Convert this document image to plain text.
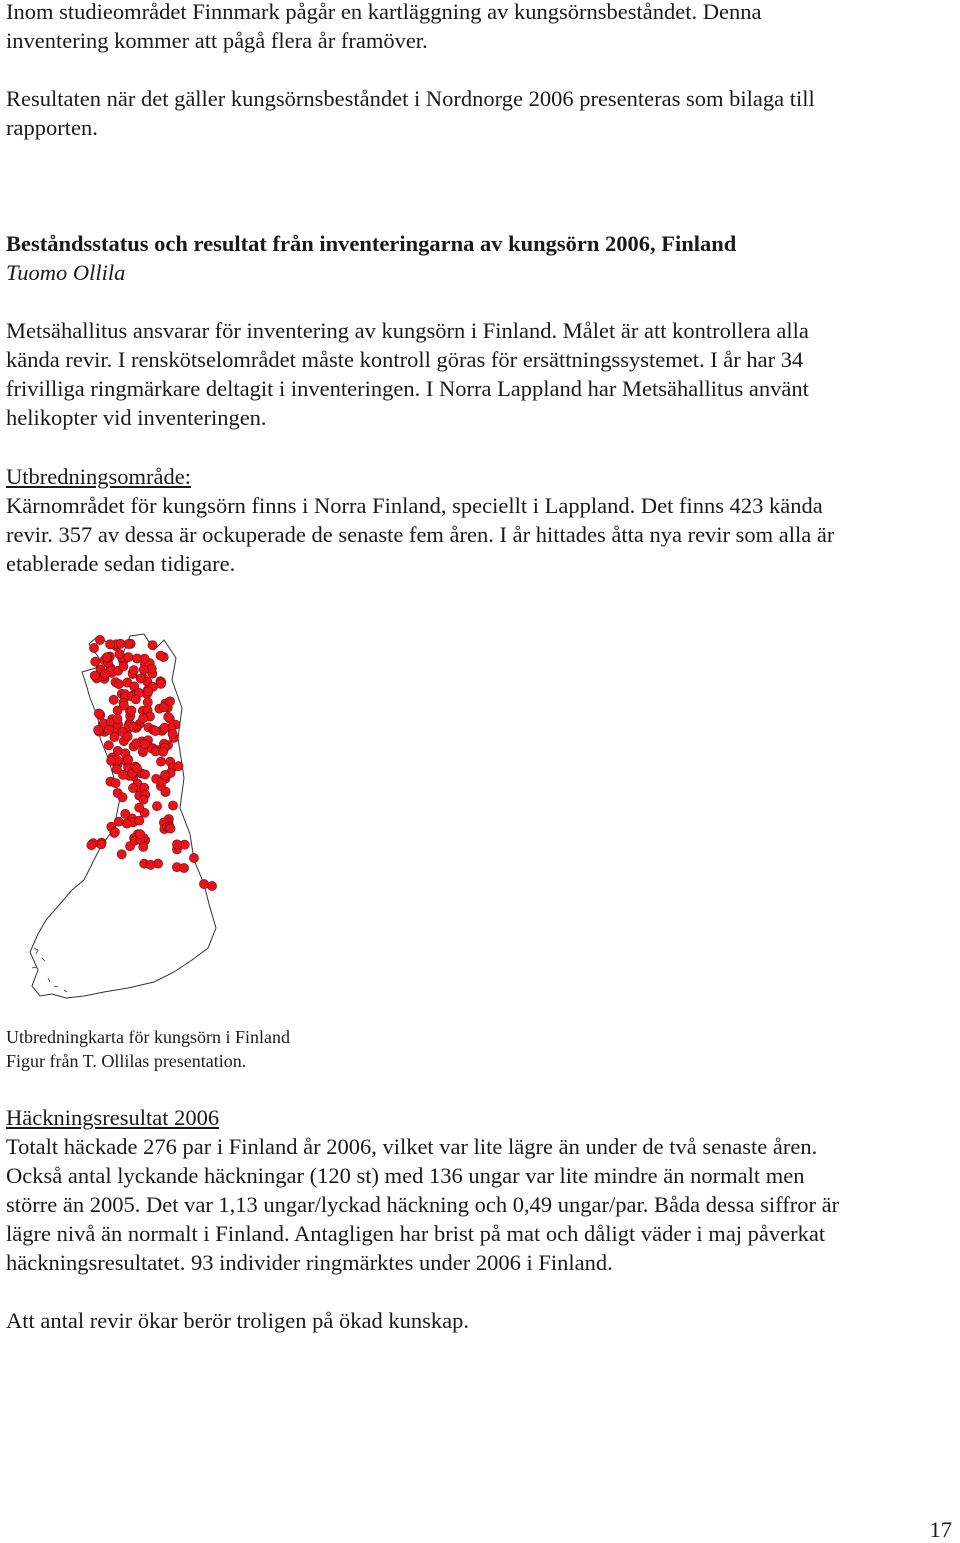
Inom studieområdet Finnmark pågår en kartläggning av kungsörnsbeståndet. Denna
inventering kommer att pågå flera år framöver.
Resultaten när det gäller kungsörnsbeståndet i Nordnorge 2006 presenteras som bilaga till
rapporten.
Beståndsstatus och resultat från inventeringarna av kungsörn 2006, Finland
Tuomo Ollila
Metsähallitus ansvarar för inventering av kungsörn i Finland. Målet är att kontrollera alla
kända revir. I renskötselområdet måste kontroll göras för ersättningssystemet. I år har 34
frivilliga ringmärkare deltagit i inventeringen. I Norra Lappland har Metsähallitus använt
helikopter vid inventeringen.
Utbredningsområde:
Kärnområdet för kungsörn finns i Norra Finland, speciellt i Lappland. Det finns 423 kända
revir. 357 av dessa är ockuperade de senaste fem åren. I år hittades åtta nya revir som alla är
etablerade sedan tidigare.
Utbredningkarta för kungsörn i Finland
Figur från T. Ollilas presentation.
Häckningsresultat 2006
Totalt häckade 276 par i Finland år 2006, vilket var lite lägre än under de två senaste åren.
Också antal lyckande häckningar (120 st) med 136 ungar var lite mindre än normalt men
större än 2005. Det var 1,13 ungar/lyckad häckning och 0,49 ungar/par. Båda dessa siffror är
lägre nivå än normalt i Finland. Antagligen har brist på mat och dåligt väder i maj påverkat
häckningsresultatet. 93 individer ringmärktes under 2006 i Finland.
Att antal revir ökar berör troligen på ökad kunskap.
17
